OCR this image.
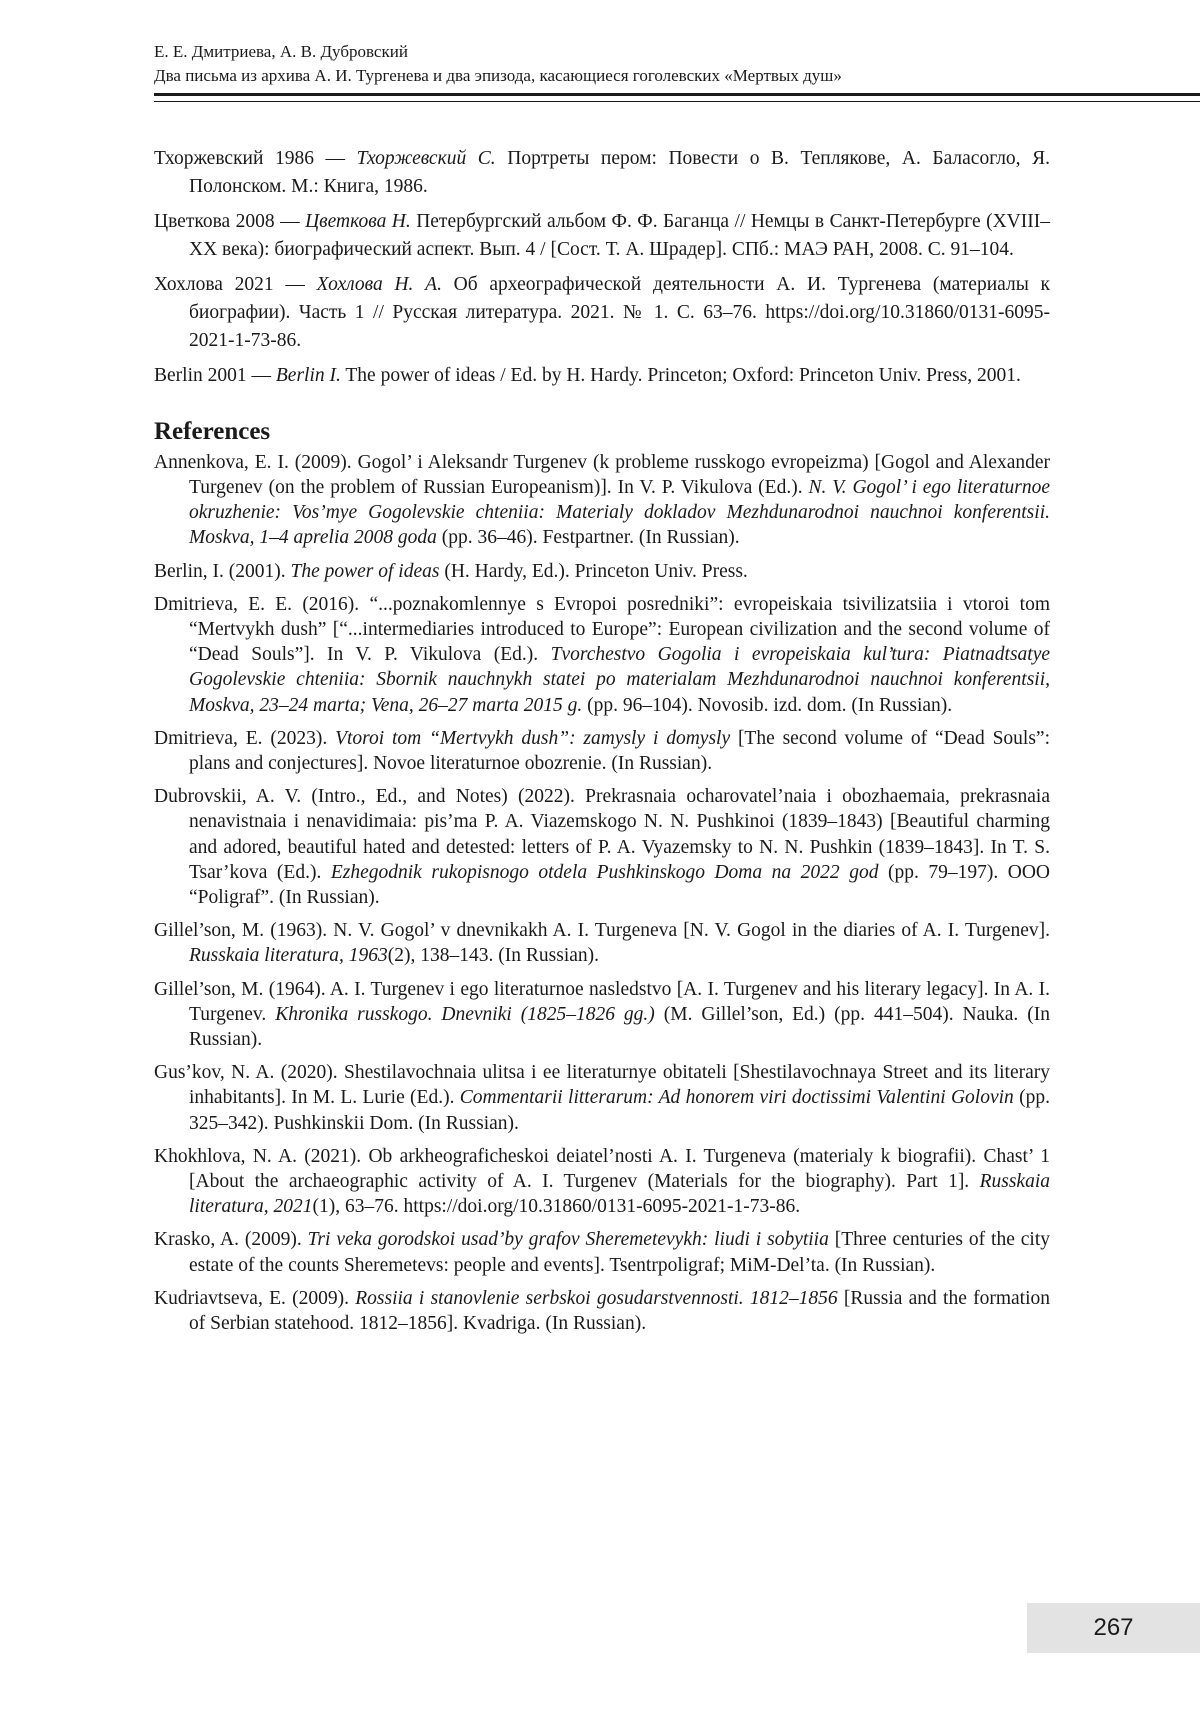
Е. Е. Дмитриева, А. В. Дубровский
Два письма из архива А. И. Тургенева и два эпизода, касающиеся гоголевских «Мертвых душ»

Тхоржевский 1986 — Тхоржевский С. Портреты пером: Повести о В. Теплякове, А. Баласогло, Я. Полонском. М.: Книга, 1986.

Цветкова 2008 — Цветкова Н. Петербургский альбом Ф. Ф. Баганца // Немцы в Санкт-Петербурге (XVIII–XX века): биографический аспект. Вып. 4 / [Сост. Т. А. Шрадер]. СПб.: МАЭ РАН, 2008. С. 91–104.

Хохлова 2021 — Хохлова Н. А. Об археографической деятельности А. И. Тургенева (материалы к биографии). Часть 1 // Русская литература. 2021. № 1. С. 63–76. https://doi.org/10.31860/0131-6095-2021-1-73-86.

Berlin 2001 — Berlin I. The power of ideas / Ed. by H. Hardy. Princeton; Oxford: Princeton Univ. Press, 2001.

References

Annenkova, E. I. (2009). Gogol’ i Aleksandr Turgenev (k probleme russkogo evropeizma) [Gogol and Alexander Turgenev (on the problem of Russian Europeanism)]. In V. P. Vikulova (Ed.). N. V. Gogol’ i ego literaturnoe okruzhenie: Vos’mye Gogolevskie chteniia: Materialy dokladov Mezhdunarodnoi nauchnoi konferentsii. Moskva, 1–4 aprelia 2008 goda (pp. 36–46). Festpartner. (In Russian).

Berlin, I. (2001). The power of ideas (H. Hardy, Ed.). Princeton Univ. Press.

Dmitrieva, E. E. (2016). “...poznakomlennye s Evropoi posredniki”: evropeiskaia tsivilizatsiia i vtoroi tom “Mertvykh dush” [“...intermediaries introduced to Europe”: European civilization and the second volume of “Dead Souls”]. In V. P. Vikulova (Ed.). Tvorchestvo Gogolia i evropeiskaia kul’tura: Piatnadtsatye Gogolevskie chteniia: Sbornik nauchnykh statei po materialam Mezhdunarodnoi nauchnoi konferentsii, Moskva, 23–24 marta; Vena, 26–27 marta 2015 g. (pp. 96–104). Novosib. izd. dom. (In Russian).

Dmitrieva, E. (2023). Vtoroi tom “Mertvykh dush”: zamysly i domysly [The second volume of “Dead Souls”: plans and conjectures]. Novoe literaturnoe obozrenie. (In Russian).

Dubrovskii, A. V. (Intro., Ed., and Notes) (2022). Prekrasnaia ocharovatel’naia i obozhaemaia, prekrasnaia nenavistnaia i nenavidimaia: pis’ma P. A. Viazemskogo N. N. Pushkinoi (1839–1843) [Beautiful charming and adored, beautiful hated and detested: letters of P. A. Vyazemsky to N. N. Pushkin (1839–1843]. In T. S. Tsar’kova (Ed.). Ezhegodnik rukopisnogo otdela Pushkinskogo Doma na 2022 god (pp. 79–197). OOO “Poligraf”. (In Russian).

Gillel’son, M. (1963). N. V. Gogol’ v dnevnikakh A. I. Turgeneva [N. V. Gogol in the diaries of A. I. Turgenev]. Russkaia literatura, 1963(2), 138–143. (In Russian).

Gillel’son, M. (1964). A. I. Turgenev i ego literaturnoe nasledstvo [A. I. Turgenev and his literary legacy]. In A. I. Turgenev. Khronika russkogo. Dnevniki (1825–1826 gg.) (M. Gillel’son, Ed.) (pp. 441–504). Nauka. (In Russian).

Gus’kov, N. A. (2020). Shestilavochnaia ulitsa i ee literaturnye obitateli [Shestilavochnaya Street and its literary inhabitants]. In M. L. Lurie (Ed.). Commentarii litterarum: Ad honorem viri doctissimi Valentini Golovin (pp. 325–342). Pushkinskii Dom. (In Russian).

Khokhlova, N. A. (2021). Ob arkheograficheskoi deiatel’nosti A. I. Turgeneva (materialy k biografii). Chast’ 1 [About the archaeographic activity of A. I. Turgenev (Materials for the biography). Part 1]. Russkaia literatura, 2021(1), 63–76. https://doi.org/10.31860/0131-6095-2021-1-73-86.

Krasko, A. (2009). Tri veka gorodskoi usad’by grafov Sheremetevykh: liudi i sobytiia [Three centuries of the city estate of the counts Sheremetevs: people and events]. Tsentrpoligraf; MiM-Del’ta. (In Russian).

Kudriavtseva, E. (2009). Rossiia i stanovlenie serbskoi gosudarstvennosti. 1812–1856 [Russia and the formation of Serbian statehood. 1812–1856]. Kvadriga. (In Russian).

267
